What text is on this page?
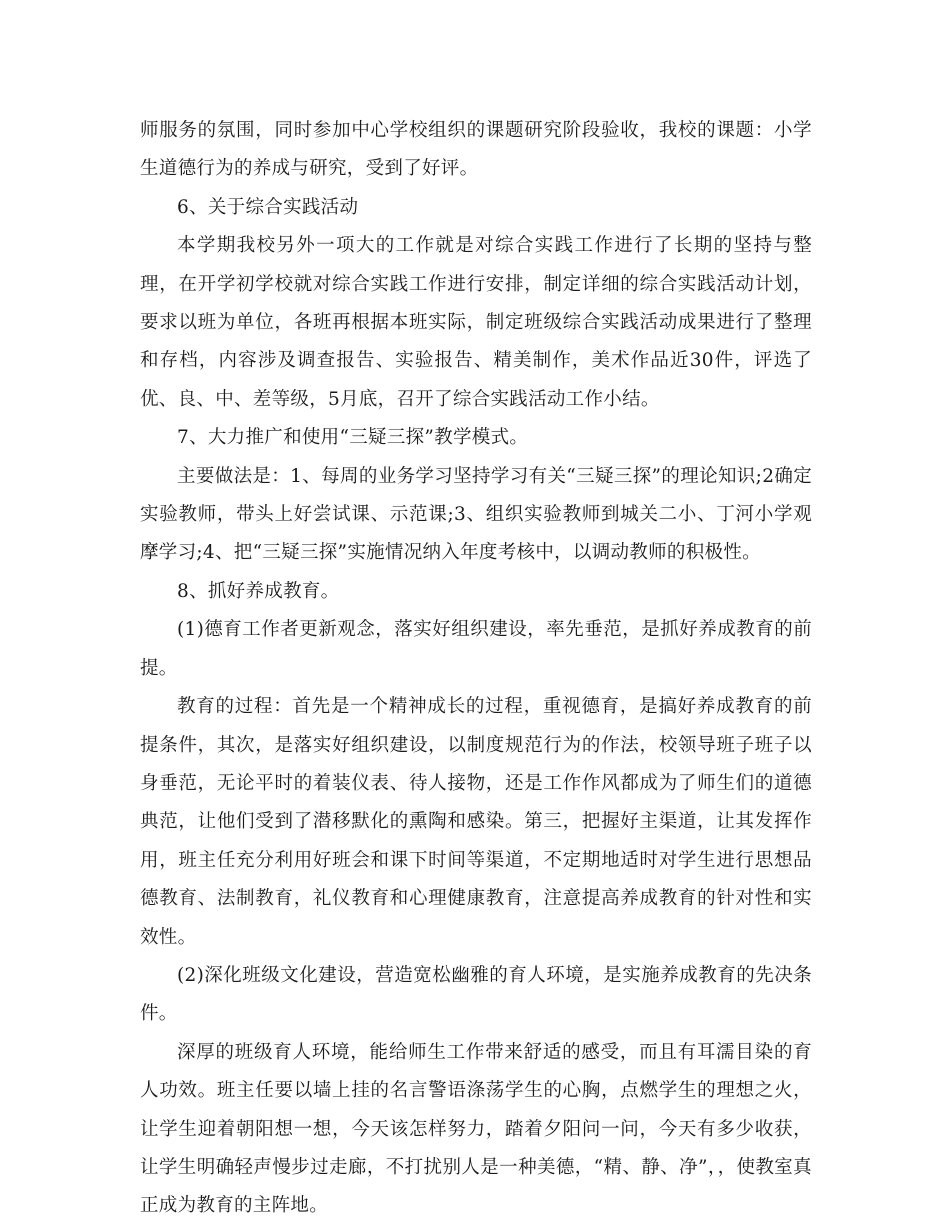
师服务的氛围，同时参加中心学校组织的课题研究阶段验收，我校的课题：小学生道德行为的养成与研究，受到了好评。

6、关于综合实践活动

本学期我校另外一项大的工作就是对综合实践工作进行了长期的坚持与整理，在开学初学校就对综合实践工作进行安排，制定详细的综合实践活动计划，要求以班为单位，各班再根据本班实际，制定班级综合实践活动成果进行了整理和存档，内容涉及调查报告、实验报告、精美制作，美术作品近30件，评选了优、良、中、差等级，5月底，召开了综合实践活动工作小结。

7、大力推广和使用“三疑三探”教学模式。

主要做法是：1、每周的业务学习坚持学习有关“三疑三探”的理论知识;2确定实验教师，带头上好尝试课、示范课;3、组织实验教师到城关二小、丁河小学观摩学习;4、把“三疑三探”实施情况纳入年度考核中，以调动教师的积极性。

8、抓好养成教育。

(1)德育工作者更新观念，落实好组织建设，率先垂范，是抓好养成教育的前提。

教育的过程：首先是一个精神成长的过程，重视德育，是搞好养成教育的前提条件，其次，是落实好组织建设，以制度规范行为的作法，校领导班子班子以身垂范，无论平时的着装仪表、待人接物，还是工作作风都成为了师生们的道德典范，让他们受到了潜移默化的熏陶和感染。第三，把握好主渠道，让其发挥作用，班主任充分利用好班会和课下时间等渠道，不定期地适时对学生进行思想品德教育、法制教育，礼仪教育和心理健康教育，注意提高养成教育的针对性和实效性。

(2)深化班级文化建设，营造宽松幽雅的育人环境，是实施养成教育的先决条件。

深厚的班级育人环境，能给师生工作带来舒适的感受，而且有耳濡目染的育人功效。班主任要以墙上挂的名言警语涤荡学生的心胸，点燃学生的理想之火，让学生迎着朝阳想一想，今天该怎样努力，踏着夕阳问一问，今天有多少收获，让学生明确轻声慢步过走廊，不打扰别人是一种美德，“精、静、净”，，使教室真正成为教育的主阵地。
